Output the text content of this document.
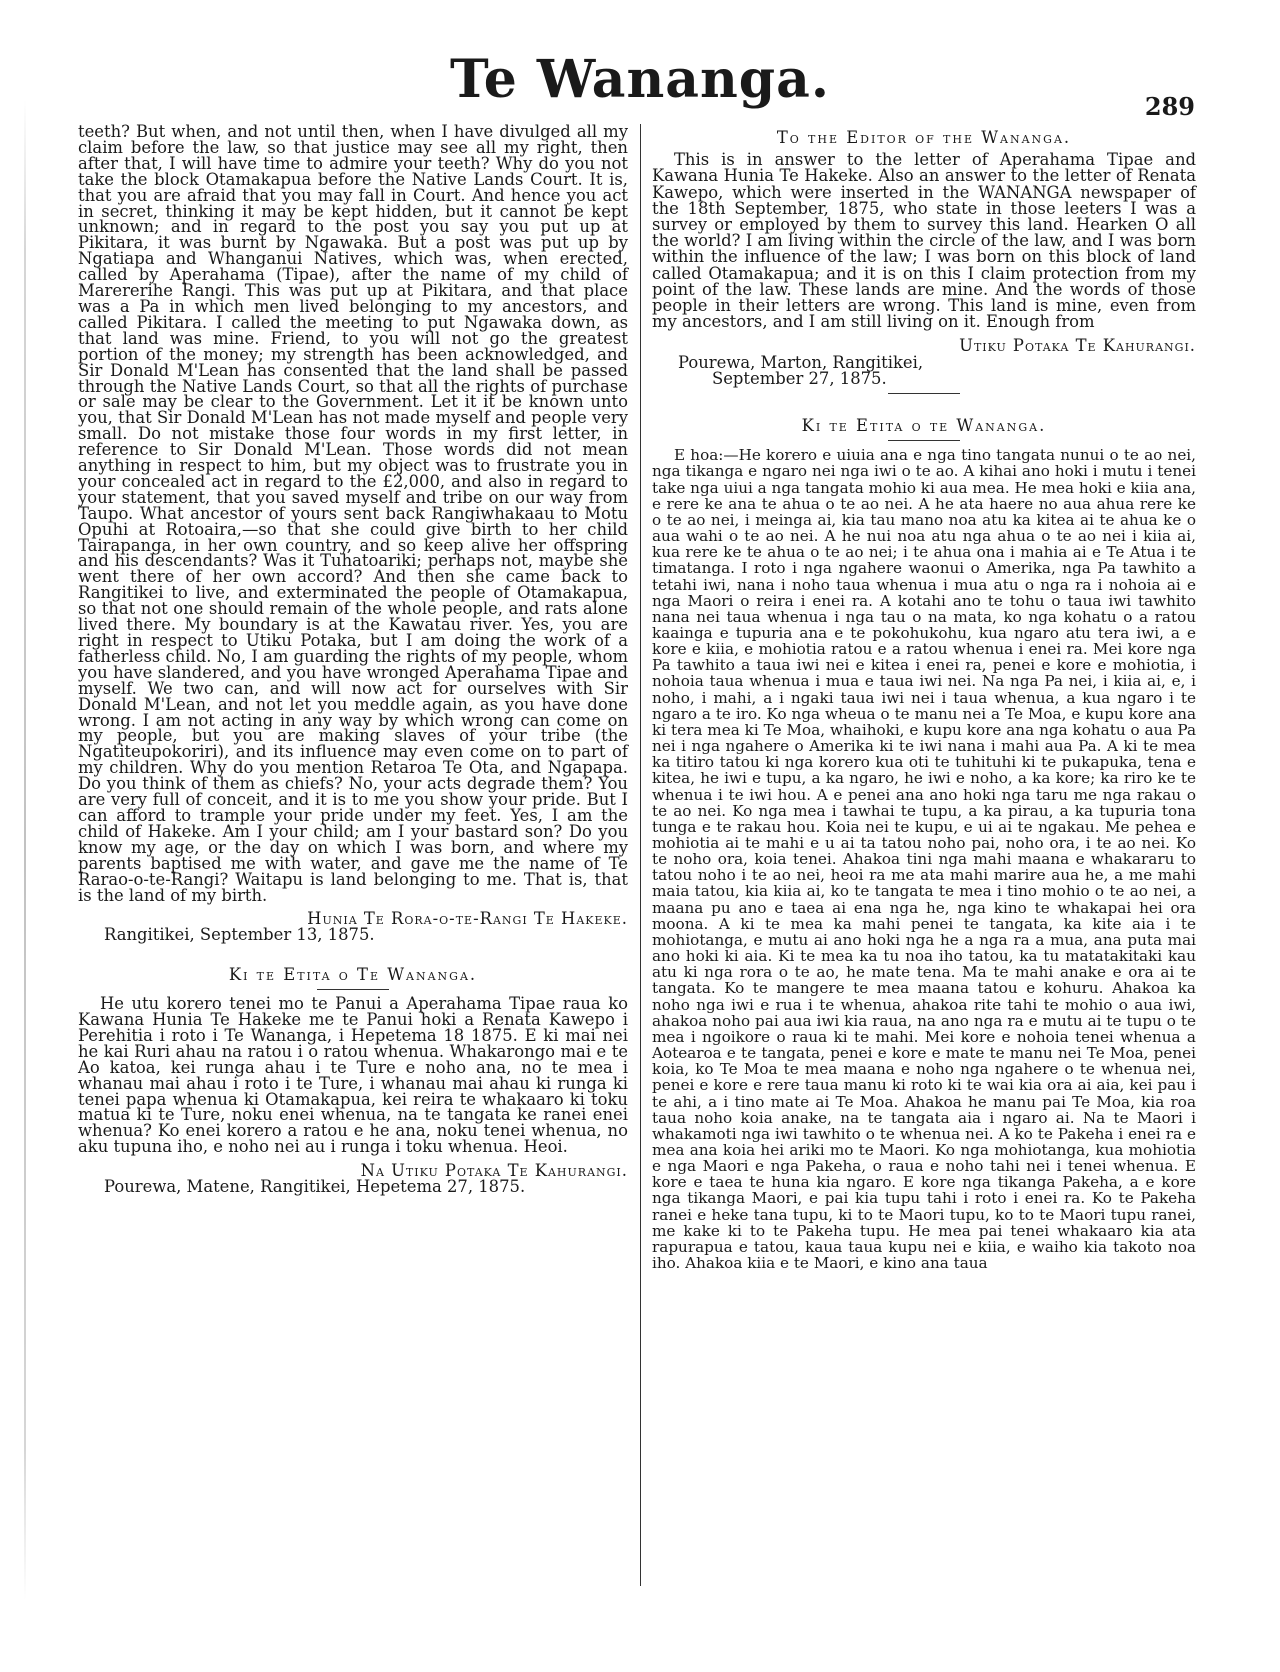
Te Wananga.	289

teeth? But when, and not until then, when I have divulged all my claim before the law, so that justice may see all my right, then after that, I will have time to admire your teeth? Why do you not take the block Otamakapua before the Native Lands Court. It is, that you are afraid that you may fall in Court. And hence you act in secret, thinking it may be kept hidden, but it cannot be kept unknown; and in regard to the post you say you put up at Pikitara, it was burnt by Ngawaka. But a post was put up by Ngatiapa and Whanganui Natives, which was, when erected, called by Aperahama (Tipae), after the name of my child of Marererihe Rangi. This was put up at Pikitara, and that place was a Pa in which men lived belonging to my ancestors, and called Pikitara. I called the meeting to put Ngawaka down, as that land was mine. Friend, to you will not go the greatest portion of the money; my strength has been acknowledged, and Sir Donald M'Lean has consented that the land shall be passed through the Native Lands Court, so that all the rights of purchase or sale may be clear to the Government. Let it it be known unto you, that Sir Donald M'Lean has not made myself and people very small. Do not mistake those four words in my first letter, in reference to Sir Donald M'Lean. Those words did not mean anything in respect to him, but my object was to frustrate you in your concealed act in regard to the £2,000, and also in regard to your statement, that you saved myself and tribe on our way from Taupo. What ancestor of yours sent back Rangiwhakaau to Motu Opuhi at Rotoaira,—so that she could give birth to her child Tairapanga, in her own country, and so keep alive her offspring and his descendants? Was it Tuhatoariki; perhaps not, maybe she went there of her own accord? And then she came back to Rangitikei to live, and exterminated the people of Otamakapua, so that not one should remain of the whole people, and rats alone lived there. My boundary is at the Kawatau river. Yes, you are right in respect to Utiku Potaka, but I am doing the work of a fatherless child. No, I am guarding the rights of my people, whom you have slandered, and you have wronged Aperahama Tipae and myself. We two can, and will now act for ourselves with Sir Donald M'Lean, and not let you meddle again, as you have done wrong. I am not acting in any way by which wrong can come on my people, but you are making slaves of your tribe (the Ngatiteupokoriri), and its influence may even come on to part of my children. Why do you mention Retaroa Te Ota, and Ngapapa. Do you think of them as chiefs? No, your acts degrade them? You are very full of conceit, and it is to me you show your pride. But I can afford to trample your pride under my feet. Yes, I am the child of Hakeke. Am I your child; am I your bastard son? Do you know my age, or the day on which I was born, and where my parents baptised me with water, and gave me the name of Te Rarao-o-te-Rangi? Waitapu is land belonging to me. That is, that is the land of my birth.

Hunia Te Rora-o-te-Rangi Te Hakeke.

Rangitikei, September 13, 1875.

Ki te Etita o Te Wananga.

He utu korero tenei mo te Panui a Aperahama Tipae raua ko Kawana Hunia Te Hakeke me te Panui hoki a Renata Kawepo i Perehitia i roto i Te Wananga, i Hepetema 18 1875. E ki mai nei he kai Ruri ahau na ratou i o ratou whenua. Whakarongo mai e te Ao katoa, kei runga ahau i te Ture e noho ana, no te mea i whanau mai ahau i roto i te Ture, i whanau mai ahau ki runga ki tenei papa whenua ki Otamakapua, kei reira te whakaaro ki toku matua ki te Ture, noku enei whenua, na te tangata ke ranei enei whenua? Ko enei korero a ratou e he ana, noku tenei whenua, no aku tupuna iho, e noho nei au i runga i toku whenua. Heoi.

Na Utiku Potaka Te Kahurangi.

Pourewa, Matene, Rangitikei, Hepetema 27, 1875.

To the Editor of the Wananga.

This is in answer to the letter of Aperahama Tipae and Kawana Hunia Te Hakeke. Also an answer to the letter of Renata Kawepo, which were inserted in the WANANGA newspaper of the 18th September, 1875, who state in those leeters I was a survey or employed by them to survey this land. Hearken O all the world? I am living within the circle of the law, and I was born within the influence of the law; I was born on this block of land called Otamakapua; and it is on this I claim protection from my point of the law. These lands are mine. And the words of those people in their letters are wrong. This land is mine, even from my ancestors, and I am still living on it. Enough from

Utiku Potaka Te Kahurangi.

Pourewa, Marton, Rangitikei,

September 27, 1875.

Ki te Etita o te Wananga.

E hoa:—He korero e uiuia ana e nga tino tangata nunui o te ao nei, nga tikanga e ngaro nei nga iwi o te ao. A kihai ano hoki i mutu i tenei take nga uiui a nga tangata mohio ki aua mea. He mea hoki e kiia ana, e rere ke ana te ahua o te ao nei. A he ata haere no aua ahua rere ke o te ao nei, i meinga ai, kia tau mano noa atu ka kitea ai te ahua ke o aua wahi o te ao nei. A he nui noa atu nga ahua o te ao nei i kiia ai, kua rere ke te ahua o te ao nei; i te ahua ona i mahia ai e Te Atua i te timatanga. I roto i nga ngahere waonui o Amerika, nga Pa tawhito a tetahi iwi, nana i noho taua whenua i mua atu o nga ra i nohoia ai e nga Maori o reira i enei ra. A kotahi ano te tohu o taua iwi tawhito nana nei taua whenua i nga tau o na mata, ko nga kohatu o a ratou kaainga e tupuria ana e te pokohukohu, kua ngaro atu tera iwi, a e kore e kiia, e mohiotia ratou e a ratou whenua i enei ra. Mei kore nga Pa tawhito a taua iwi nei e kitea i enei ra, penei e kore e mohiotia, i nohoia taua whenua i mua e taua iwi nei. Na nga Pa nei, i kiia ai, e, i noho, i mahi, a i ngaki taua iwi nei i taua whenua, a kua ngaro i te ngaro a te iro. Ko nga wheua o te manu nei a Te Moa, e kupu kore ana ki tera mea ki Te Moa, whaihoki, e kupu kore ana nga kohatu o aua Pa nei i nga ngahere o Amerika ki te iwi nana i mahi aua Pa. A ki te mea ka titiro tatou ki nga korero kua oti te tuhituhi ki te pukapuka, tena e kitea, he iwi e tupu, a ka ngaro, he iwi e noho, a ka kore; ka riro ke te whenua i te iwi hou. A e penei ana ano hoki nga taru me nga rakau o te ao nei. Ko nga mea i tawhai te tupu, a ka pirau, a ka tupuria tona tunga e te rakau hou. Koia nei te kupu, e ui ai te ngakau. Me pehea e mohiotia ai te mahi e u ai ta tatou noho pai, noho ora, i te ao nei. Ko te noho ora, koia tenei. Ahakoa tini nga mahi maana e whakararu to tatou noho i te ao nei, heoi ra me ata mahi marire aua he, a me mahi maia tatou, kia kiia ai, ko te tangata te mea i tino mohio o te ao nei, a maana pu ano e taea ai ena nga he, nga kino te whakapai hei ora moona. A ki te mea ka mahi penei te tangata, ka kite aia i te mohiotanga, e mutu ai ano hoki nga he a nga ra a mua, ana puta mai ano hoki ki aia. Ki te mea ka tu noa iho tatou, ka tu matatakitaki kau atu ki nga rora o te ao, he mate tena. Ma te mahi anake e ora ai te tangata. Ko te mangere te mea maana tatou e kohuru. Ahakoa ka noho nga iwi e rua i te whenua, ahakoa rite tahi te mohio o aua iwi, ahakoa noho pai aua iwi kia raua, na ano nga ra e mutu ai te tupu o te mea i ngoikore o raua ki te mahi. Mei kore e nohoia tenei whenua a Aotearoa e te tangata, penei e kore e mate te manu nei Te Moa, penei koia, ko Te Moa te mea maana e noho nga ngahere o te whenua nei, penei e kore e rere taua manu ki roto ki te wai kia ora ai aia, kei pau i te ahi, a i tino mate ai Te Moa. Ahakoa he manu pai Te Moa, kia roa taua noho koia anake, na te tangata aia i ngaro ai. Na te Maori i whakamoti nga iwi tawhito o te whenua nei. A ko te Pakeha i enei ra e mea ana koia hei ariki mo te Maori. Ko nga mohiotanga, kua mohiotia e nga Maori e nga Pakeha, o raua e noho tahi nei i tenei whenua. E kore e taea te huna kia ngaro. E kore nga tikanga Pakeha, a e kore nga tikanga Maori, e pai kia tupu tahi i roto i enei ra. Ko te Pakeha ranei e heke tana tupu, ki to te Maori tupu, ko to te Maori tupu ranei, me kake ki to te Pakeha tupu. He mea pai tenei whakaaro kia ata rapurapua e tatou, kaua taua kupu nei e kiia, e waiho kia takoto noa iho. Ahakoa kiia e te Maori, e kino ana taua
